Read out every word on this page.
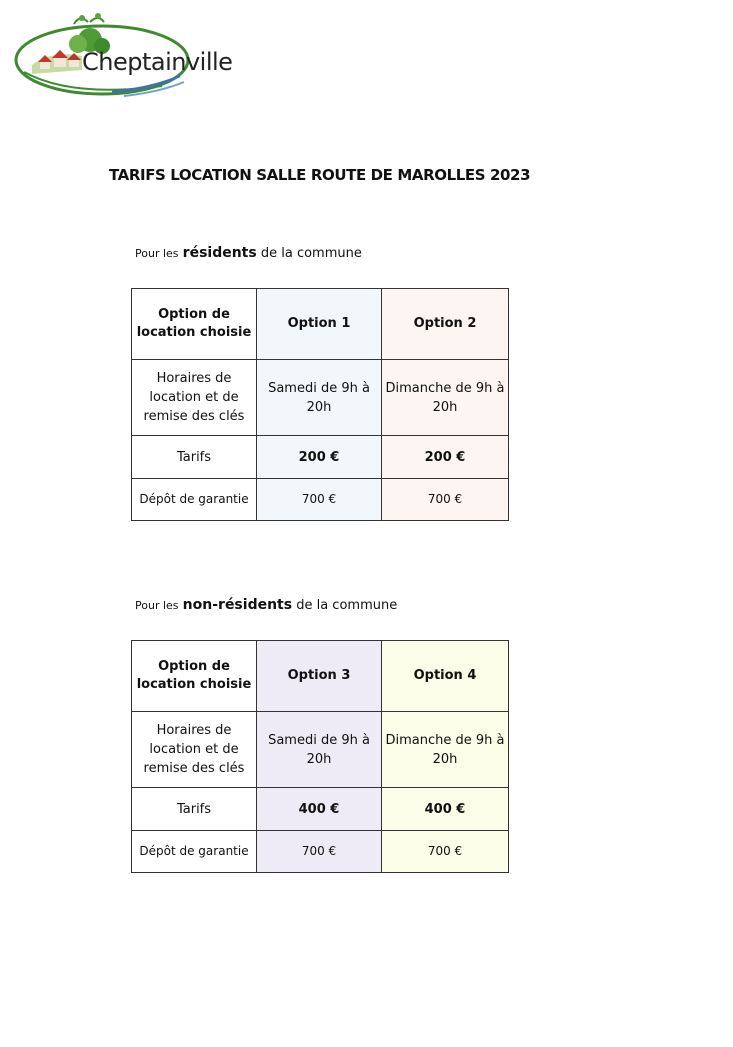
Cheptainville
TARIFS LOCATION SALLE ROUTE DE MAROLLES 2023
Pour les résidents de la commune
Option de location choisie	Option 1	Option 2
Horaires de location et de remise des clés	Samedi de 9h à 20h	Dimanche de 9h à 20h
Tarifs	200 €	200 €
Dépôt de garantie	700 €	700 €
Pour les non-résidents de la commune
Option de location choisie	Option 3	Option 4
Horaires de location et de remise des clés	Samedi de 9h à 20h	Dimanche de 9h à 20h
Tarifs	400 €	400 €
Dépôt de garantie	700 €	700 €
